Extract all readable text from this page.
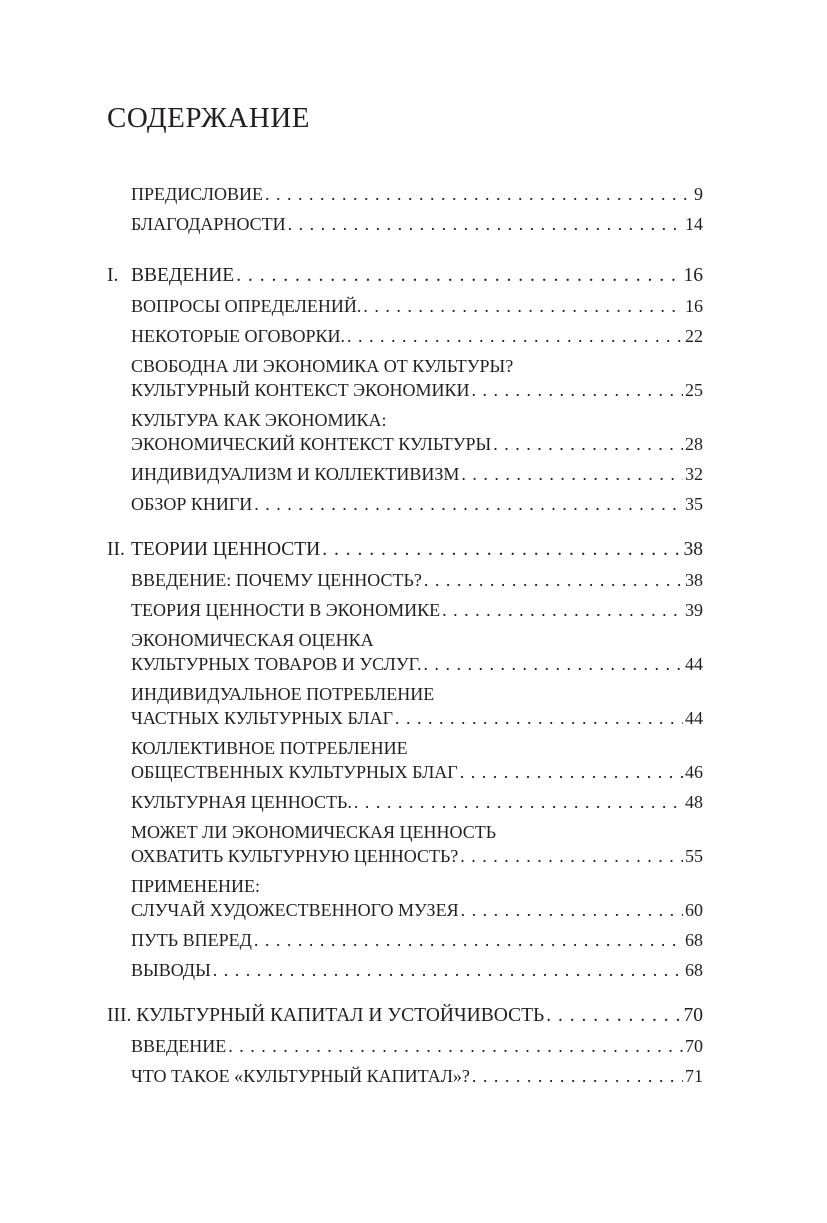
СОДЕРЖАНИЕ
ПРЕДИСЛОВИЕ . . .	9
БЛАГОДАРНОСТИ . . .	14
I. ВВЕДЕНИЕ . . .	16
ВОПРОСЫ ОПРЕДЕЛЕНИЙ. . . .	16
НЕКОТОРЫЕ ОГОВОРКИ. . . .	22
СВОБОДНА ЛИ ЭКОНОМИКА ОТ КУЛЬТУРЫ?
КУЛЬТУРНЫЙ КОНТЕКСТ ЭКОНОМИКИ . . .	25
КУЛЬТУРА КАК ЭКОНОМИКА:
ЭКОНОМИЧЕСКИЙ КОНТЕКСТ КУЛЬТУРЫ . . .	28
ИНДИВИДУАЛИЗМ И КОЛЛЕКТИВИЗМ . . .	32
ОБЗОР КНИГИ . . .	35
II. ТЕОРИИ ЦЕННОСТИ . . .	38
ВВЕДЕНИЕ: ПОЧЕМУ ЦЕННОСТЬ? . . .	38
ТЕОРИЯ ЦЕННОСТИ В ЭКОНОМИКЕ . . .	39
ЭКОНОМИЧЕСКАЯ ОЦЕНКА
КУЛЬТУРНЫХ ТОВАРОВ И УСЛУГ. . . .	44
ИНДИВИДУАЛЬНОЕ ПОТРЕБЛЕНИЕ
ЧАСТНЫХ КУЛЬТУРНЫХ БЛАГ . . .	44
КОЛЛЕКТИВНОЕ ПОТРЕБЛЕНИЕ
ОБЩЕСТВЕННЫХ КУЛЬТУРНЫХ БЛАГ . . .	46
КУЛЬТУРНАЯ ЦЕННОСТЬ. . . .	48
МОЖЕТ ЛИ ЭКОНОМИЧЕСКАЯ ЦЕННОСТЬ
ОХВАТИТЬ КУЛЬТУРНУЮ ЦЕННОСТЬ? . . .	55
ПРИМЕНЕНИЕ:
СЛУЧАЙ ХУДОЖЕСТВЕННОГО МУЗЕЯ . . .	60
ПУТЬ ВПЕРЕД . . .	68
ВЫВОДЫ . . .	68
III. КУЛЬТУРНЫЙ КАПИТАЛ И УСТОЙЧИВОСТЬ . . .	70
ВВЕДЕНИЕ . . .	70
ЧТО ТАКОЕ «КУЛЬТУРНЫЙ КАПИТАЛ»? . . .	71
